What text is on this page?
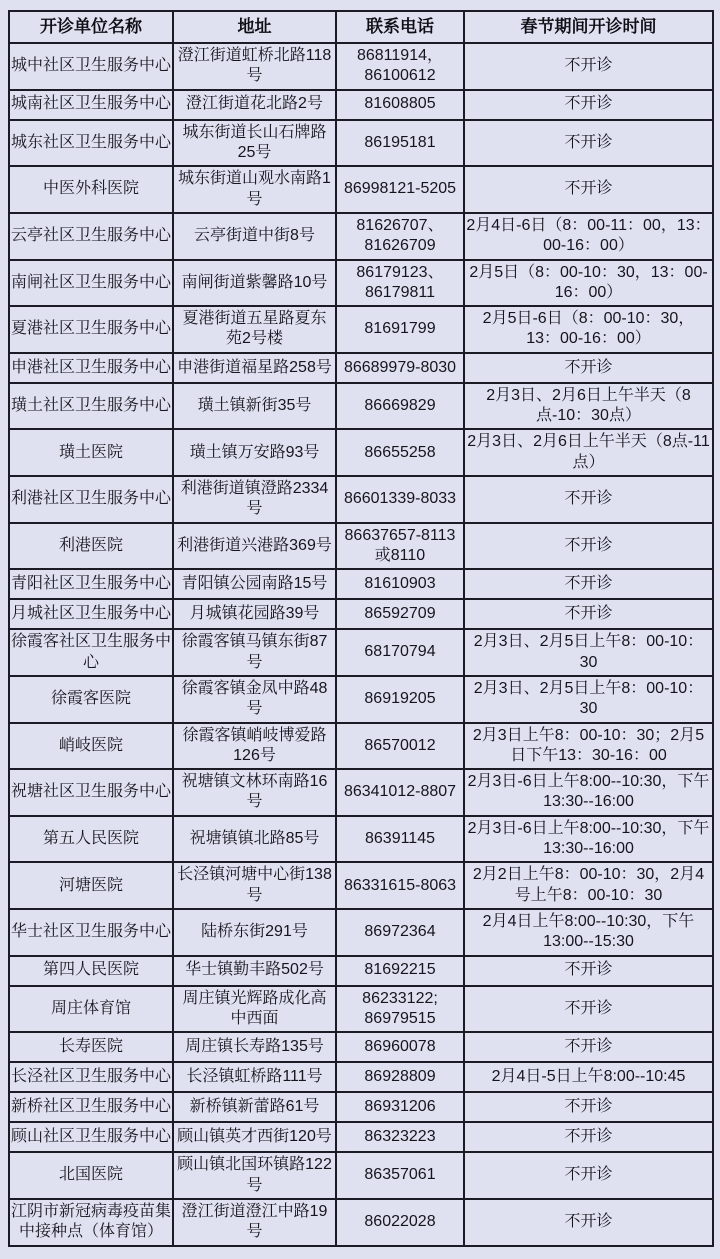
开诊单位名称	地址	联系电话	春节期间开诊时间
城中社区卫生服务中心	澄江街道虹桥北路118号	86811914，86100612	不开诊
城南社区卫生服务中心	澄江街道花北路2号	81608805	不开诊
城东社区卫生服务中心	城东街道长山石牌路25号	86195181	不开诊
中医外科医院	城东街道山观水南路1号	86998121-5205	不开诊
云亭社区卫生服务中心	云亭街道中街8号	81626707、81626709	2月4日-6日（8：00-11：00，13：00-16：00）
南闸社区卫生服务中心	南闸街道紫馨路10号	86179123、86179811	2月5日（8：00-10：30，13：00-16：00）
夏港社区卫生服务中心	夏港街道五星路夏东苑2号楼	81691799	2月5日-6日（8：00-10：30，13：00-16：00）
申港社区卫生服务中心	申港街道福星路258号	86689979-8030	不开诊
璜土社区卫生服务中心	璜土镇新街35号	86669829	2月3日、2月6日上午半天（8点-10：30点）
璜土医院	璜土镇万安路93号	86655258	2月3日、2月6日上午半天（8点-11点）
利港社区卫生服务中心	利港街道镇澄路2334号	86601339-8033	不开诊
利港医院	利港街道兴港路369号	86637657-8113或8110	不开诊
青阳社区卫生服务中心	青阳镇公园南路15号	81610903	不开诊
月城社区卫生服务中心	月城镇花园路39号	86592709	不开诊
徐霞客社区卫生服务中心	徐霞客镇马镇东街87号	68170794	2月3日、2月5日上午8：00-10：30
徐霞客医院	徐霞客镇金凤中路48号	86919205	2月3日、2月5日上午8：00-10：30
峭岐医院	徐霞客镇峭岐博爱路126号	86570012	2月3日上午8：00-10：30；2月5日下午13：30-16：00
祝塘社区卫生服务中心	祝塘镇文林环南路16号	86341012-8807	2月3日-6日上午8:00--10:30，下午13:30--16:00
第五人民医院	祝塘镇镇北路85号	86391145	2月3日-6日上午8:00--10:30，下午13:30--16:00
河塘医院	长泾镇河塘中心街138号	86331615-8063	2月2日上午8：00-10：30，2月4号上午8：00-10：30
华士社区卫生服务中心	陆桥东街291号	86972364	2月4日上午8:00--10:30，下午13:00--15:30
第四人民医院	华士镇勤丰路502号	81692215	不开诊
周庄体育馆	周庄镇光辉路成化高中西面	86233122; 86979515	不开诊
长寿医院	周庄镇长寿路135号	86960078	不开诊
长泾社区卫生服务中心	长泾镇虹桥路111号	86928809	2月4日-5日上午8:00--10:45
新桥社区卫生服务中心	新桥镇新蕾路61号	86931206	不开诊
顾山社区卫生服务中心	顾山镇英才西街120号	86323223	不开诊
北国医院	顾山镇北国环镇路122号	86357061	不开诊
江阴市新冠病毒疫苗集中接种点（体育馆）	澄江街道澄江中路19号	86022028	不开诊
